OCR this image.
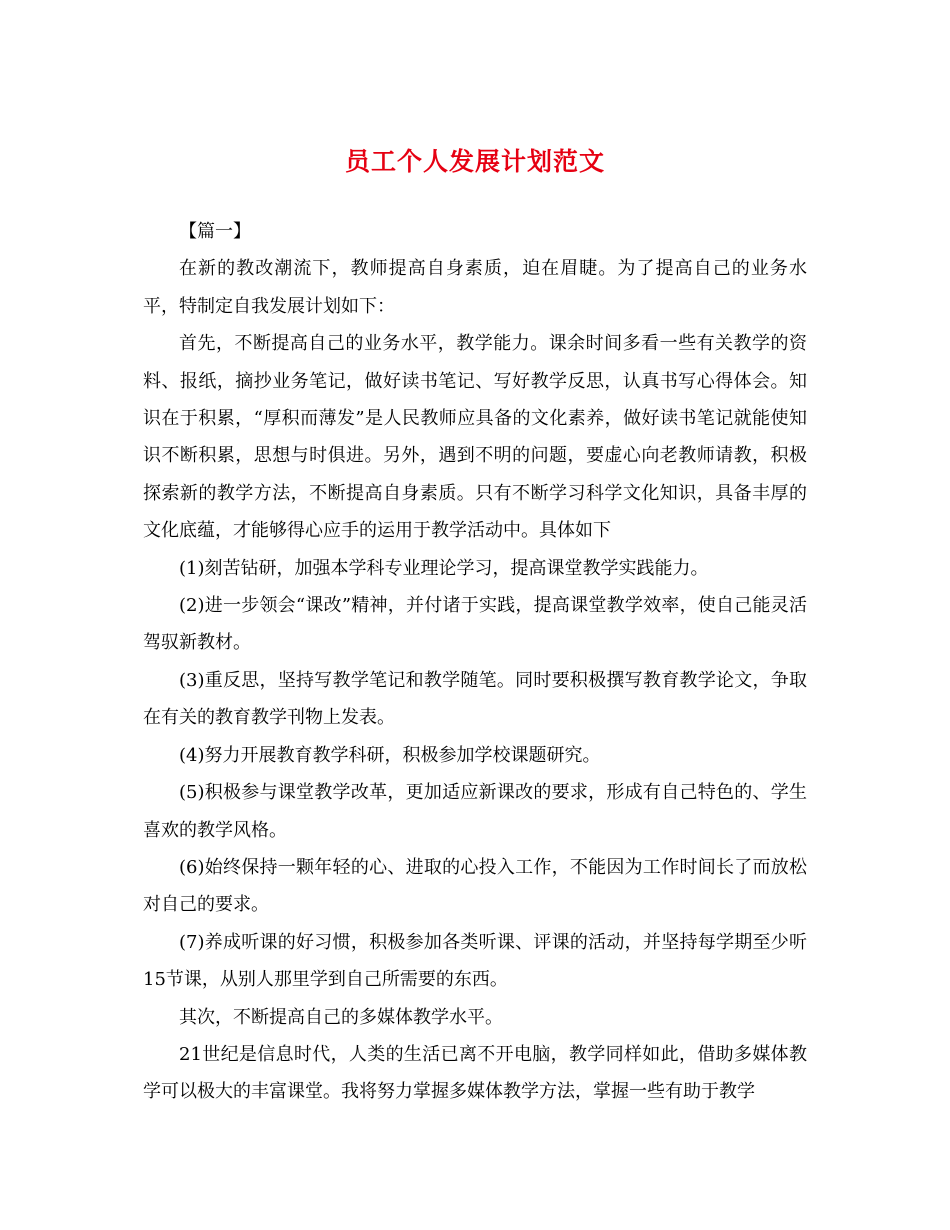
员工个人发展计划范文

【篇一】

在新的教改潮流下，教师提高自身素质，迫在眉睫。为了提高自己的业务水平，特制定自我发展计划如下：

首先，不断提高自己的业务水平，教学能力。课余时间多看一些有关教学的资料、报纸，摘抄业务笔记，做好读书笔记、写好教学反思，认真书写心得体会。知识在于积累，“厚积而薄发”是人民教师应具备的文化素养，做好读书笔记就能使知识不断积累，思想与时俱进。另外，遇到不明的问题，要虚心向老教师请教，积极探索新的教学方法，不断提高自身素质。只有不断学习科学文化知识，具备丰厚的文化底蕴，才能够得心应手的运用于教学活动中。具体如下

(1)刻苦钻研，加强本学科专业理论学习，提高课堂教学实践能力。

(2)进一步领会“课改”精神，并付诸于实践，提高课堂教学效率，使自己能灵活驾驭新教材。

(3)重反思，坚持写教学笔记和教学随笔。同时要积极撰写教育教学论文，争取在有关的教育教学刊物上发表。

(4)努力开展教育教学科研，积极参加学校课题研究。

(5)积极参与课堂教学改革，更加适应新课改的要求，形成有自己特色的、学生喜欢的教学风格。

(6)始终保持一颗年轻的心、进取的心投入工作，不能因为工作时间长了而放松对自己的要求。

(7)养成听课的好习惯，积极参加各类听课、评课的活动，并坚持每学期至少听15节课，从别人那里学到自己所需要的东西。

其次，不断提高自己的多媒体教学水平。

21世纪是信息时代，人类的生活已离不开电脑，教学同样如此，借助多媒体教学可以极大的丰富课堂。我将努力掌握多媒体教学方法，掌握一些有助于教学
